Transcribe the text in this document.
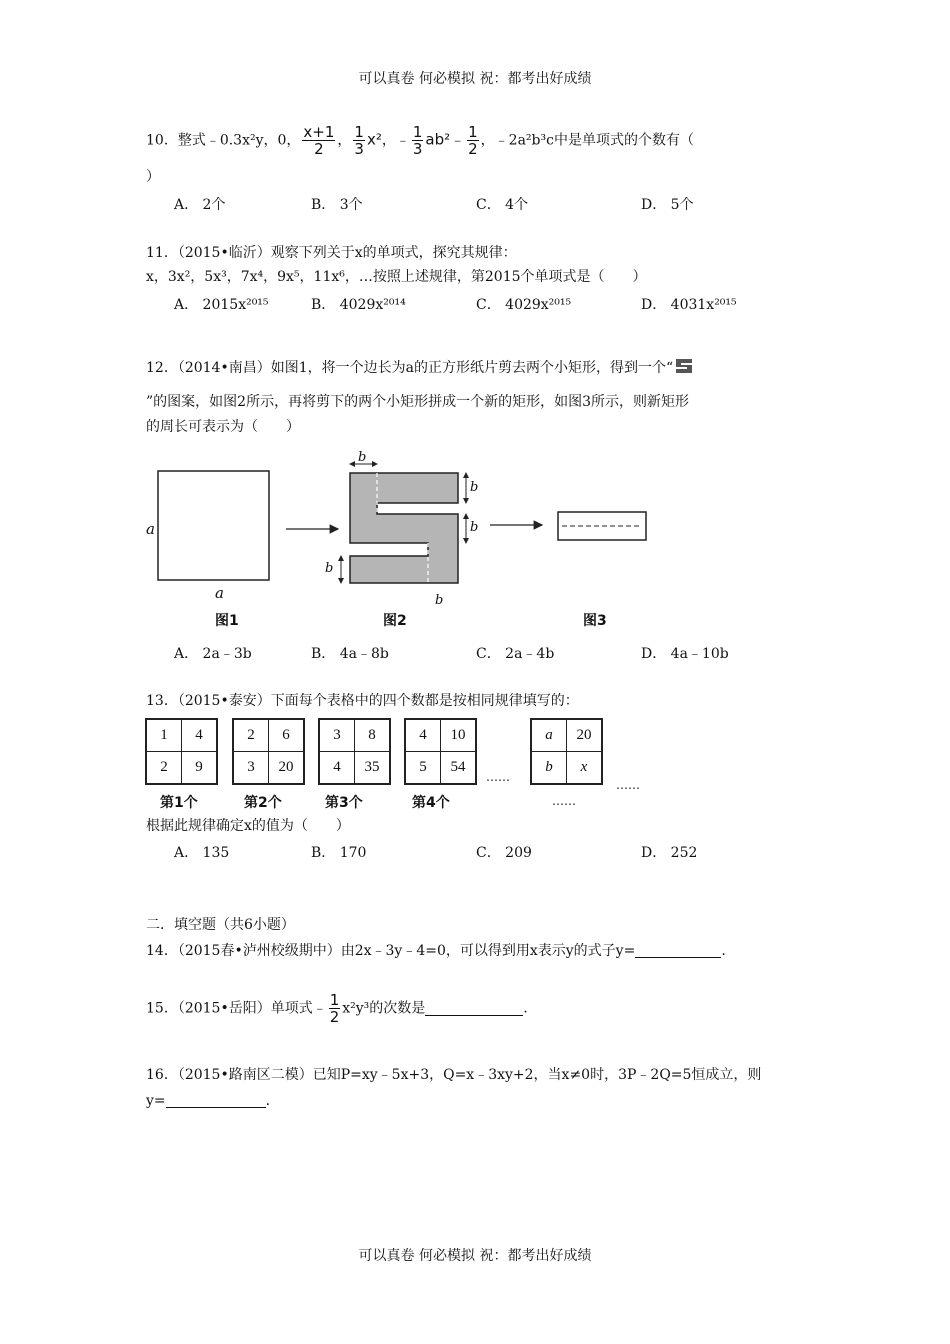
可以真卷 何必模拟 祝：都考出好成绩
10．整式﹣0.3x²y，0， $\frac{x+1}{2}$ ， $\frac{1}{3} x^2$，﹣ $\frac{1}{3}$ ab²﹣ $\frac{1}{2}$ ，﹣2a²b³c中是单项式的个数有（
）
A． 2个	B． 3个	C． 4个	D． 5个
11．（2015•临沂）观察下列关于x的单项式，探究其规律：
x，3x²，5x³，7x⁴，9x⁵，11x⁶，…按照上述规律，第2015个单项式是（　　）
A． 2015x²⁰¹⁵	B． 4029x²⁰¹⁴	C． 4029x²⁰¹⁵	D． 4031x²⁰¹⁵
12．（2014•南昌）如图1，将一个边长为a的正方形纸片剪去两个小矩形，得到一个“
”的图案，如图2所示，再将剪下的两个小矩形拼成一个新的矩形，如图3所示，则新矩形
的周长可表示为（　　）
a
a
b
b
b
b
b
图1	图2	图3
A． 2a﹣3b	B． 4a﹣8b	C． 2a﹣4b	D． 4a﹣10b
13．（2015•泰安）下面每个表格中的四个数都是按相同规律填写的：
1	4
2	9
2	6
3	20
3	8
4	35
4	10
5	54
a	20
b	x
……
……
第1个	第2个	第3个	第4个	……
根据此规律确定x的值为（　　）
A． 135	B． 170	C． 209	D． 252
二．填空题（共6小题）
14．（2015春•泸州校级期中）由2x﹣3y﹣4=0，可以得到用x表示y的式子y=	.
15．（2015•岳阳）单项式﹣ $\frac{1}{2} x^2y^3$的次数是	.
16．（2015•路南区二模）已知P=xy﹣5x+3，Q=x﹣3xy+2，当x≠0时，3P﹣2Q=5恒成立，则
y=	.
可以真卷 何必模拟 祝：都考出好成绩
